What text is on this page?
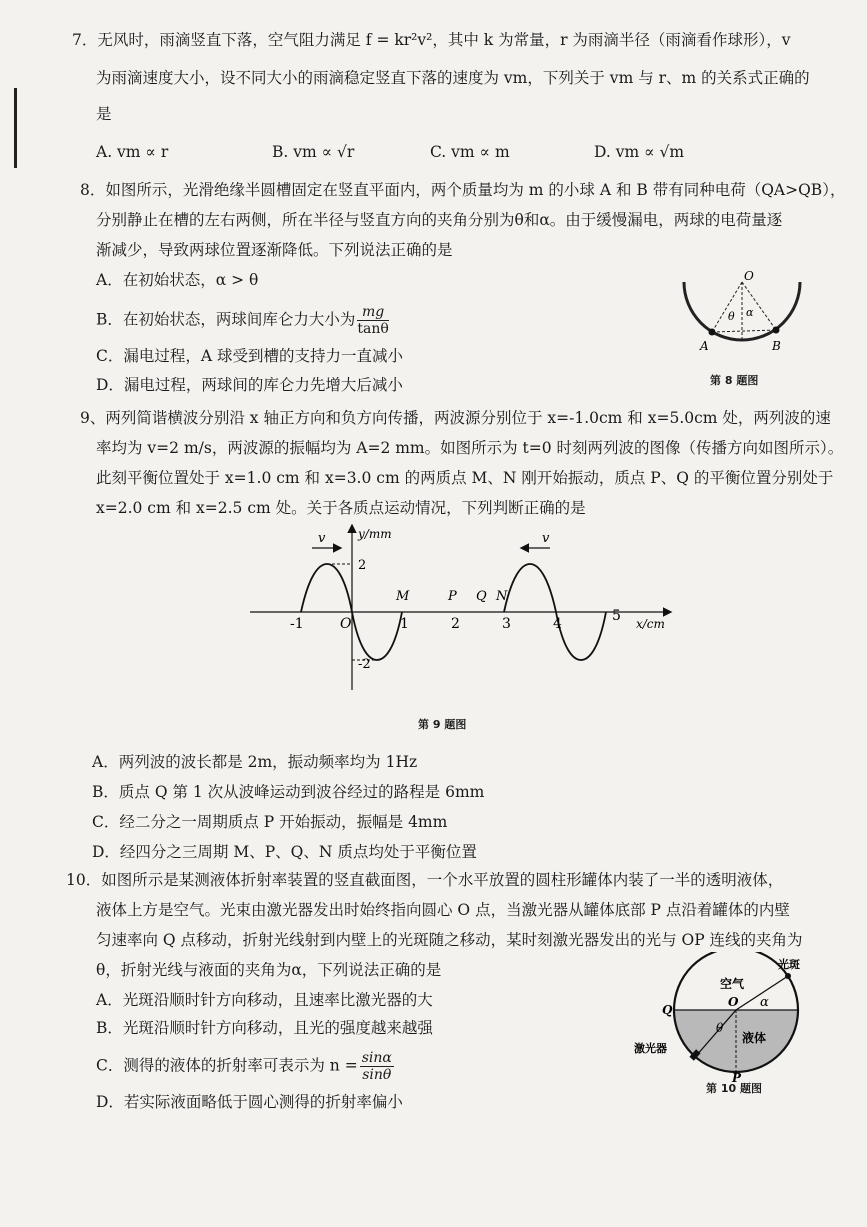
7．无风时，雨滴竖直下落，空气阻力满足 f = kr²v²，其中 k 为常量，r 为雨滴半径（雨滴看作球形），v
为雨滴速度大小，设不同大小的雨滴稳定竖直下落的速度为 vm，下列关于 vm 与 r、m 的关系式正确的
是
A. vm ∝ r	B. vm ∝ √r	C. vm ∝ m	D. vm ∝ √m
8．如图所示，光滑绝缘半圆槽固定在竖直平面内，两个质量均为 m 的小球 A 和 B 带有同种电荷（QA>QB），
分别静止在槽的左右两侧，所在半径与竖直方向的夹角分别为θ和α。由于缓慢漏电，两球的电荷量逐
渐减少，导致两球位置逐渐降低。下列说法正确的是
A．在初始状态，α > θ
B．在初始状态，两球间库仑力大小为 $\frac{mg}{\tan\theta}$
C．漏电过程，A 球受到槽的支持力一直减小
D．漏电过程，两球间的库仑力先增大后减小
O
θ α
A	B
第 8 题图
9、两列简谐横波分别沿 x 轴正方向和负方向传播，两波源分别位于 x=-1.0cm 和 x=5.0cm 处，两列波的速
率均为 v=2 m/s，两波源的振幅均为 A=2 mm。如图所示为 t=0 时刻两列波的图像（传播方向如图所示）。
此刻平衡位置处于 x=1.0 cm 和 x=3.0 cm 的两质点 M、N 刚开始振动，质点 P、Q 的平衡位置分别处于
x=2.0 cm 和 x=2.5 cm 处。关于各质点运动情况，下列判断正确的是
v	v
y/mm
x/cm
2
-2
O
-1	1	2	3	4	5
M	P Q N
第 9 题图
A．两列波的波长都是 2m，振动频率均为 1Hz
B．质点 Q 第 1 次从波峰运动到波谷经过的路程是 6mm
C．经二分之一周期质点 P 开始振动，振幅是 4mm
D．经四分之三周期 M、P、Q、N 质点均处于平衡位置
10．如图所示是某测液体折射率装置的竖直截面图，一个水平放置的圆柱形罐体内装了一半的透明液体，
液体上方是空气。光束由激光器发出时始终指向圆心 O 点，当激光器从罐体底部 P 点沿着罐体的内壁
匀速率向 Q 点移动，折射光线射到内壁上的光斑随之移动，某时刻激光器发出的光与 OP 连线的夹角为
θ，折射光线与液面的夹角为α，下列说法正确的是
A．光斑沿顺时针方向移动，且速率比激光器的大
B．光斑沿顺时针方向移动，且光的强度越来越强
C．测得的液体的折射率可表示为 $n = \frac{\sin\alpha}{\sin\theta}$
D．若实际液面略低于圆心测得的折射率偏小
光斑
空气
O α
Q
θ
液体
激光器
P
第 10 题图
